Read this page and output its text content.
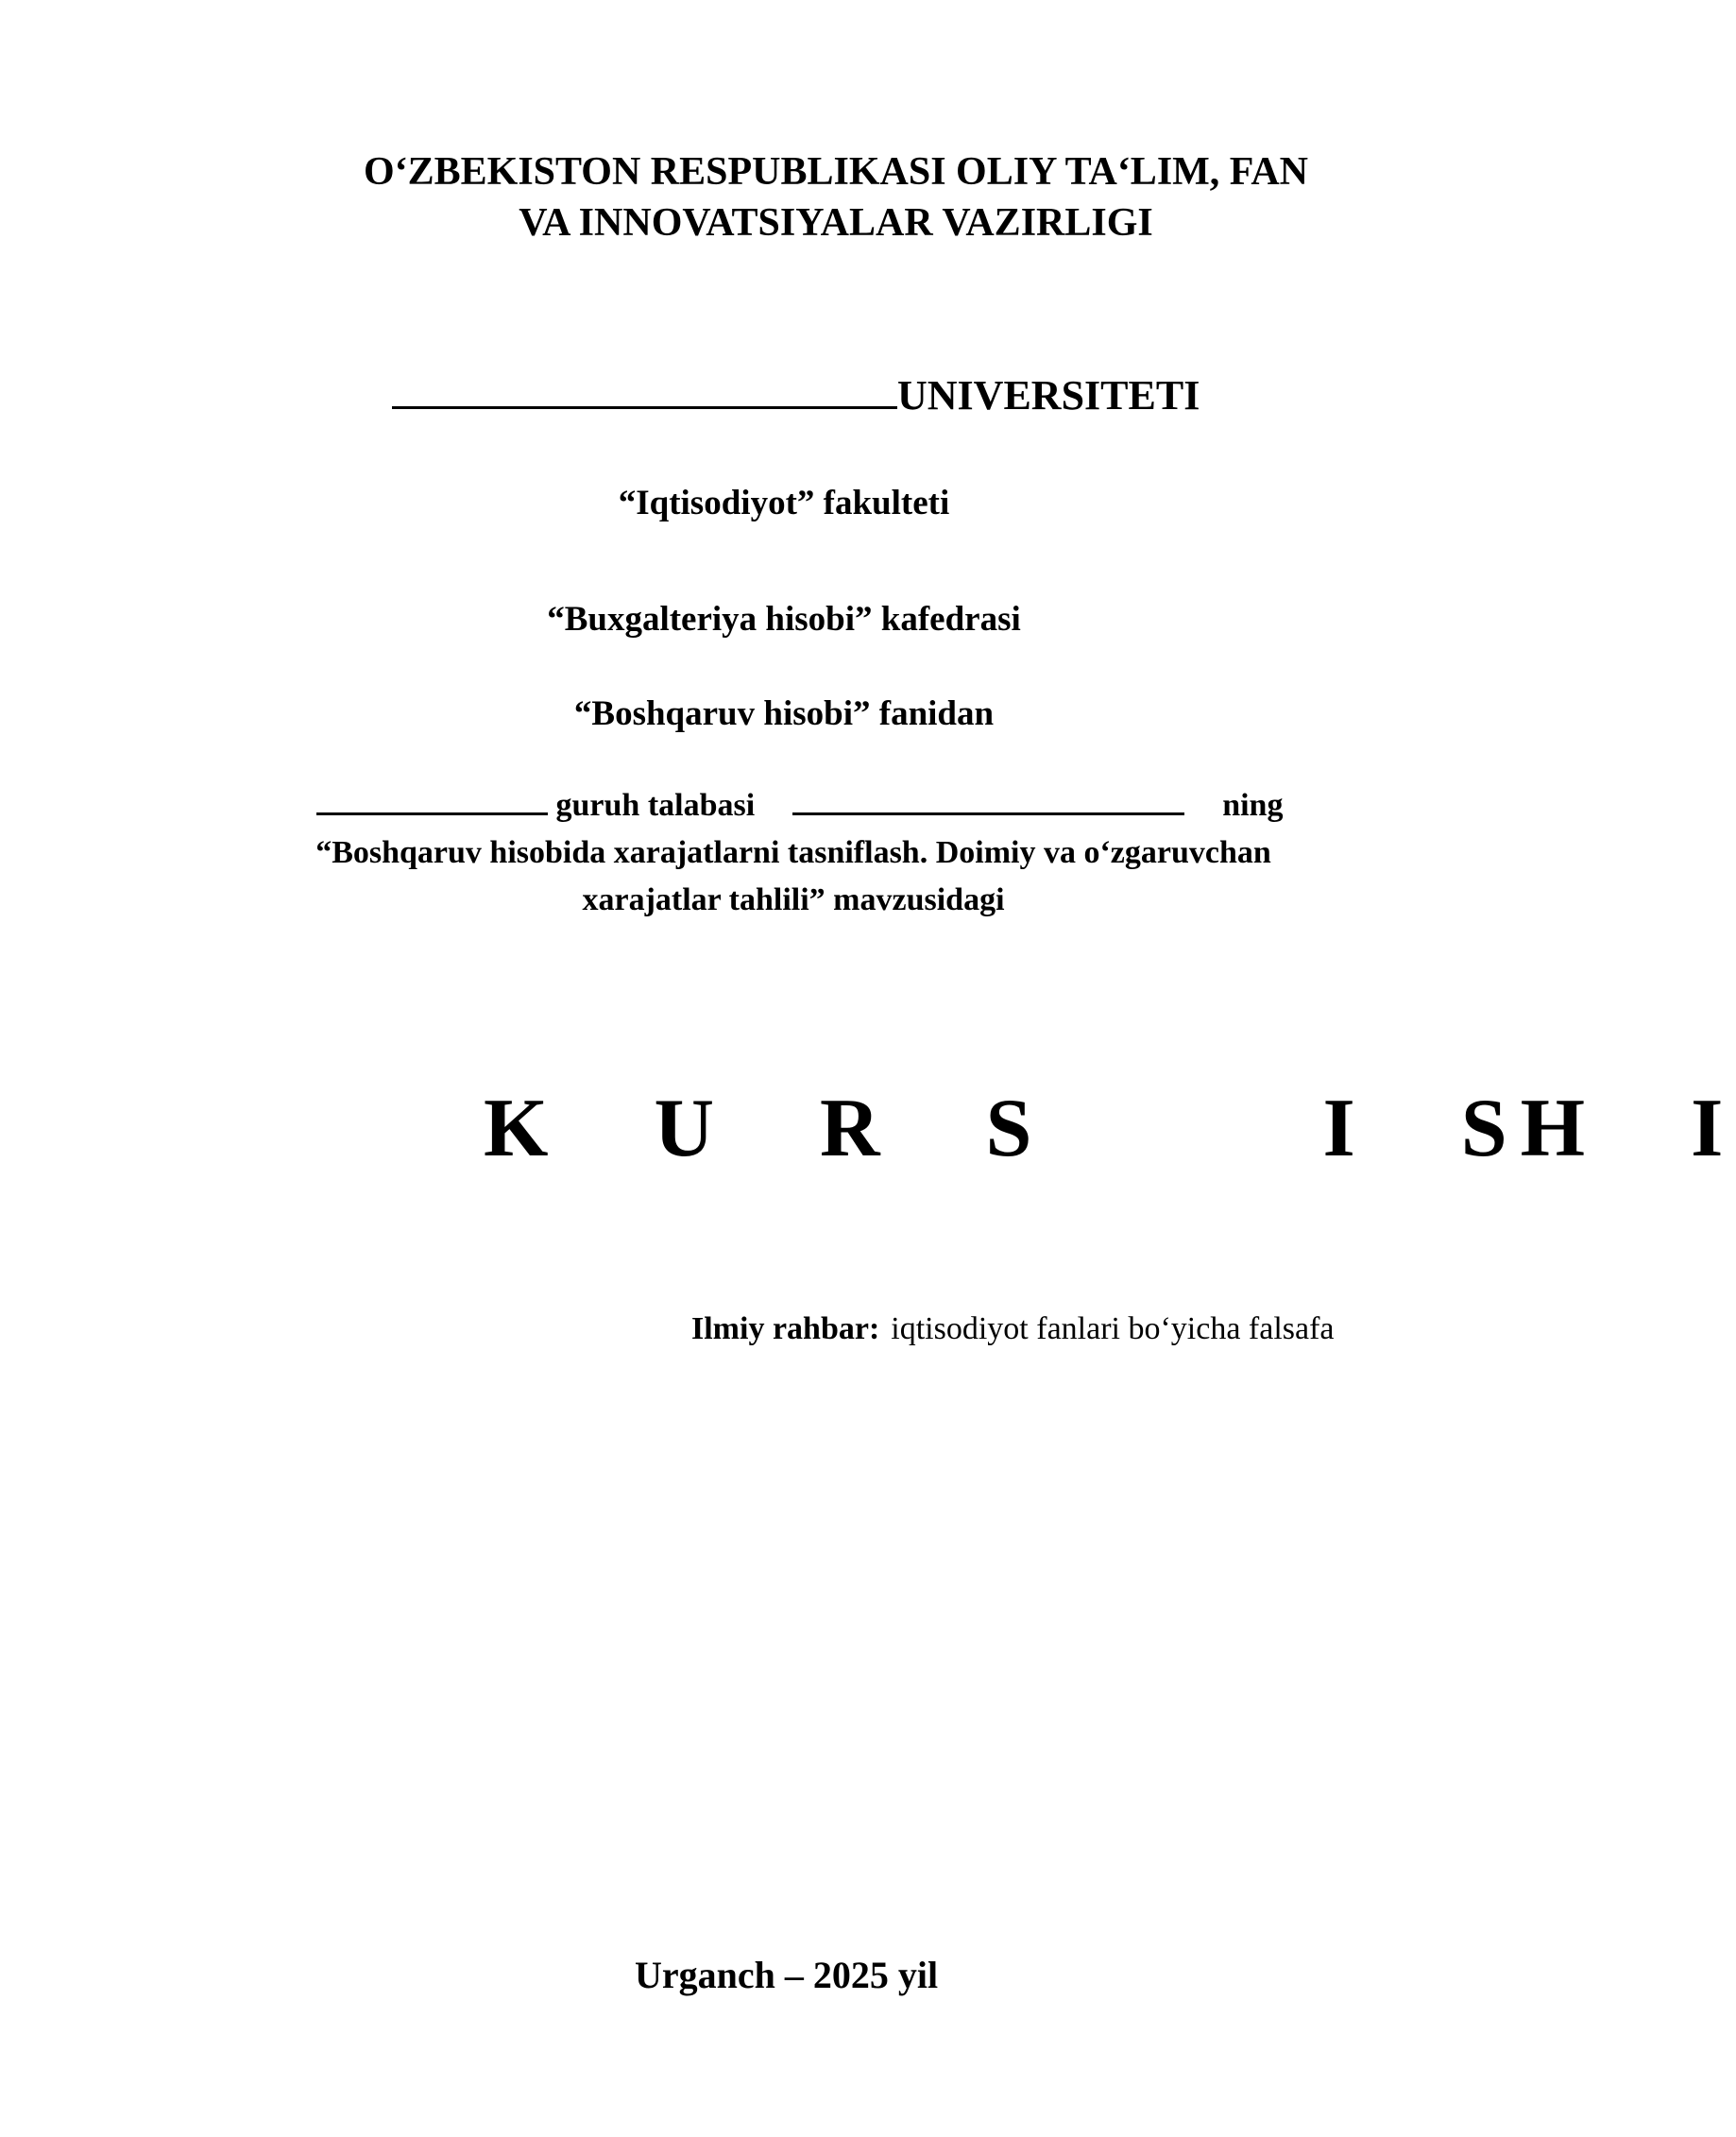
O‘ZBEKISTON RESPUBLIKASI OLIY TA‘LIM, FAN
VA INNOVATSIYALAR VAZIRLIGI
UNIVERSITETI
“Iqtisodiyot” fakulteti
“Buxgalteriya hisobi” kafedrasi
“Boshqaruv hisobi” fanidan
guruh talabasi	ning
“Boshqaruv hisobida xarajatlarni tasniflash. Doimiy va o‘zgaruvchan
xarajatlar tahlili” mavzusidagi
K U R S   I SH I
Ilmiy rahbar: iqtisodiyot fanlari bo‘yicha falsafa
Urganch – 2025 yil
